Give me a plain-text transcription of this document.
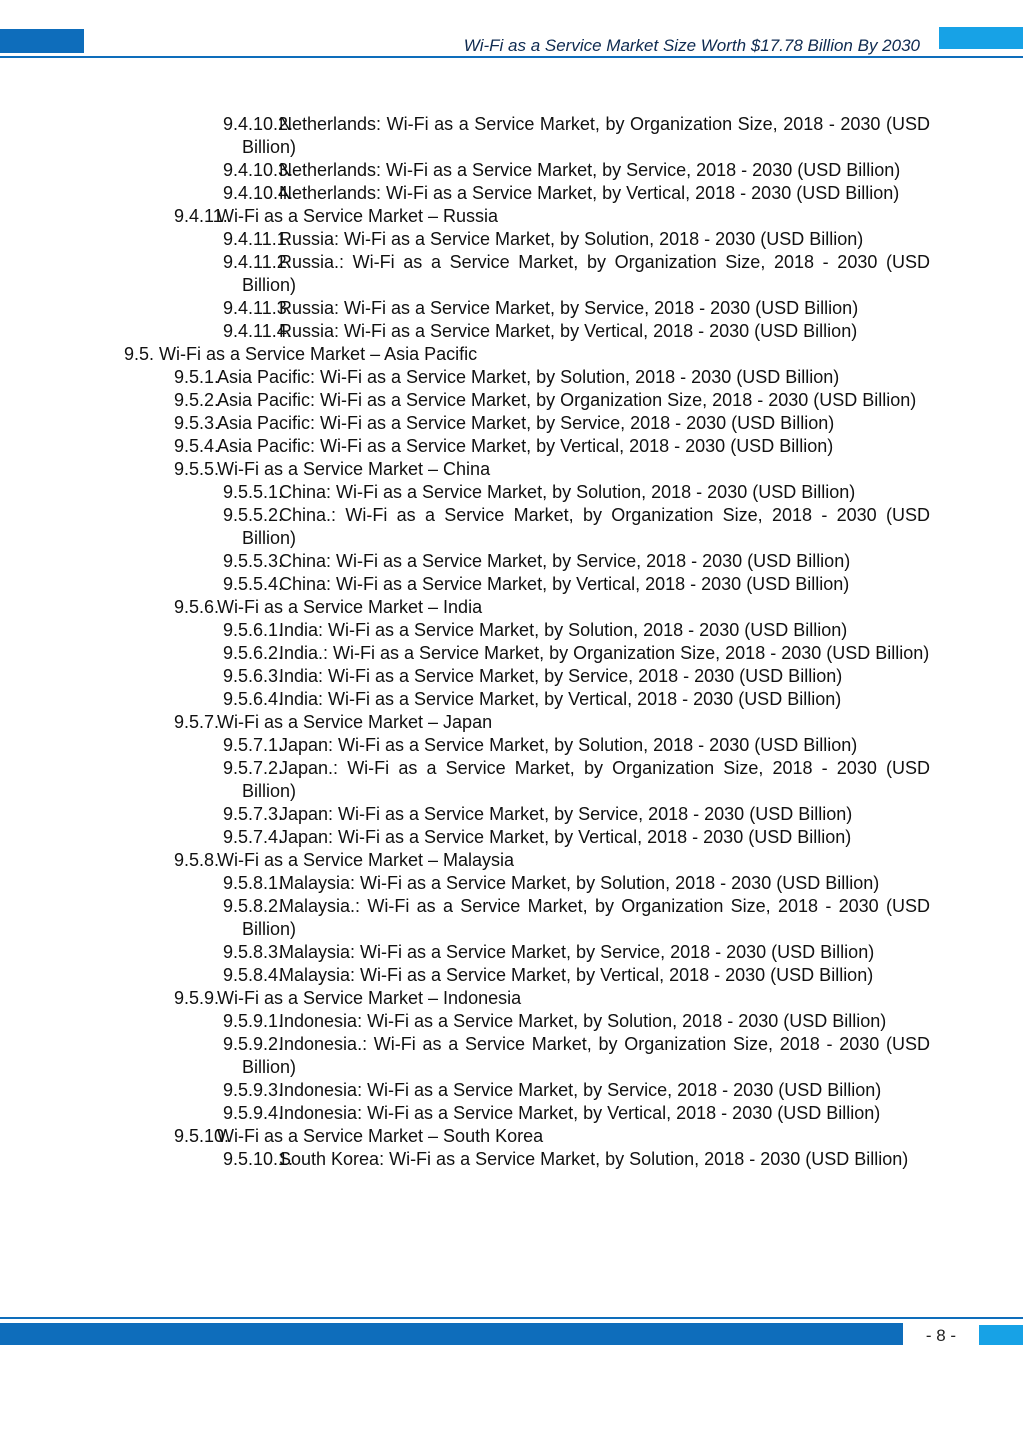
Wi-Fi as a Service Market Size Worth $17.78 Billion By 2030
9.4.10.2.
Netherlands: Wi-Fi as a Service Market, by Organization Size, 2018 - 2030 (USD Billion)
9.4.10.3.
Netherlands: Wi-Fi as a Service Market, by Service, 2018 - 2030 (USD Billion)
9.4.10.4.
Netherlands: Wi-Fi as a Service Market, by Vertical, 2018 - 2030 (USD Billion)
9.4.11.
Wi-Fi as a Service Market – Russia
9.4.11.1.
Russia: Wi-Fi as a Service Market, by Solution, 2018 - 2030 (USD Billion)
9.4.11.2.
Russia.: Wi-Fi as a Service Market, by Organization Size, 2018 - 2030 (USD Billion)
9.4.11.3.
Russia: Wi-Fi as a Service Market, by Service, 2018 - 2030 (USD Billion)
9.4.11.4.
Russia: Wi-Fi as a Service Market, by Vertical, 2018 - 2030 (USD Billion)
9.5. Wi-Fi as a Service Market – Asia Pacific
9.5.1.
Asia Pacific: Wi-Fi as a Service Market, by Solution, 2018 - 2030 (USD Billion)
9.5.2.
Asia Pacific: Wi-Fi as a Service Market, by Organization Size, 2018 - 2030 (USD Billion)
9.5.3.
Asia Pacific: Wi-Fi as a Service Market, by Service, 2018 - 2030 (USD Billion)
9.5.4.
Asia Pacific: Wi-Fi as a Service Market, by Vertical, 2018 - 2030 (USD Billion)
9.5.5.
Wi-Fi as a Service Market – China
9.5.5.1.
China: Wi-Fi as a Service Market, by Solution, 2018 - 2030 (USD Billion)
9.5.5.2.
China.: Wi-Fi as a Service Market, by Organization Size, 2018 - 2030 (USD Billion)
9.5.5.3.
China: Wi-Fi as a Service Market, by Service, 2018 - 2030 (USD Billion)
9.5.5.4.
China: Wi-Fi as a Service Market, by Vertical, 2018 - 2030 (USD Billion)
9.5.6.
Wi-Fi as a Service Market – India
9.5.6.1.
India: Wi-Fi as a Service Market, by Solution, 2018 - 2030 (USD Billion)
9.5.6.2.
India.: Wi-Fi as a Service Market, by Organization Size, 2018 - 2030 (USD Billion)
9.5.6.3.
India: Wi-Fi as a Service Market, by Service, 2018 - 2030 (USD Billion)
9.5.6.4.
India: Wi-Fi as a Service Market, by Vertical, 2018 - 2030 (USD Billion)
9.5.7.
Wi-Fi as a Service Market – Japan
9.5.7.1.
Japan: Wi-Fi as a Service Market, by Solution, 2018 - 2030 (USD Billion)
9.5.7.2.
Japan.: Wi-Fi as a Service Market, by Organization Size, 2018 - 2030 (USD Billion)
9.5.7.3.
Japan: Wi-Fi as a Service Market, by Service, 2018 - 2030 (USD Billion)
9.5.7.4.
Japan: Wi-Fi as a Service Market, by Vertical, 2018 - 2030 (USD Billion)
9.5.8.
Wi-Fi as a Service Market – Malaysia
9.5.8.1.
Malaysia: Wi-Fi as a Service Market, by Solution, 2018 - 2030 (USD Billion)
9.5.8.2.
Malaysia.: Wi-Fi as a Service Market, by Organization Size, 2018 - 2030 (USD Billion)
9.5.8.3.
Malaysia: Wi-Fi as a Service Market, by Service, 2018 - 2030 (USD Billion)
9.5.8.4.
Malaysia: Wi-Fi as a Service Market, by Vertical, 2018 - 2030 (USD Billion)
9.5.9.
Wi-Fi as a Service Market – Indonesia
9.5.9.1.
Indonesia: Wi-Fi as a Service Market, by Solution, 2018 - 2030 (USD Billion)
9.5.9.2.
Indonesia.: Wi-Fi as a Service Market, by Organization Size, 2018 - 2030 (USD Billion)
9.5.9.3.
Indonesia: Wi-Fi as a Service Market, by Service, 2018 - 2030 (USD Billion)
9.5.9.4.
Indonesia: Wi-Fi as a Service Market, by Vertical, 2018 - 2030 (USD Billion)
9.5.10.
Wi-Fi as a Service Market – South Korea
9.5.10.1.
South Korea: Wi-Fi as a Service Market, by Solution, 2018 - 2030 (USD Billion)
- 8 -
